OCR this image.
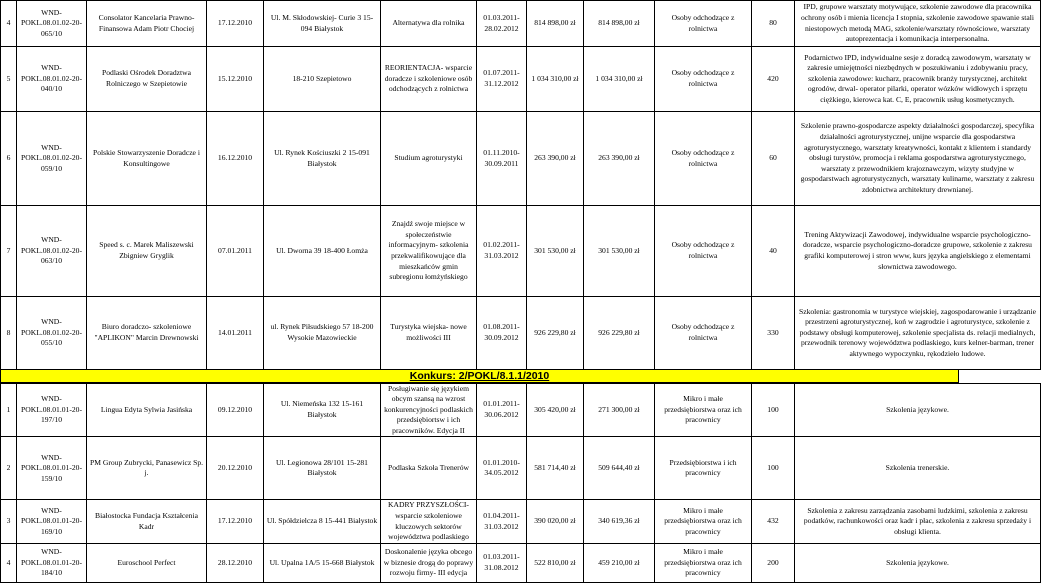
4	WND-POKL.08.01.02-20-065/10	Consolator Kancelaria Prawno-Finansowa Adam Piotr Chociej	17.12.2010	Ul. M. Skłodowskiej- Curie 3 15-094 Białystok	Alternatywa dla rolnika	01.03.2011-28.02.2012	814 898,00 zł	814 898,00 zł	Osoby odchodzące z rolnictwa	80	IPD, grupowe warsztaty motywujące, szkolenie zawodowe dla pracownika ochrony osób i mienia licencja I stopnia, szkolenie zawodowe spawanie stali niestopowych metodą MAG, szkolenie/warsztaty równościowe, warsztaty autoprezentacja i komunikacja interpersonalna.
5	WND-POKL.08.01.02-20-040/10	Podlaski Ośrodek Doradztwa Rolniczego w Szepietowie	15.12.2010	18-210 Szepietowo	REORIENTACJA- wsparcie doradcze i szkoleniowe osób odchodzących z rolnictwa	01.07.2011-31.12.2012	1 034 310,00 zł	1 034 310,00 zł	Osoby odchodzące z rolnictwa	420	Podarnictwo IPD, indywidualne sesje z doradcą zawodowym, warsztaty w zakresie umiejętności niezbędnych w poszukiwaniu i zdobywaniu pracy, szkolenia zawodowe: kucharz, pracownik branży turystycznej, architekt ogrodów, drwal- operator pilarki, operator wózków widłowych i sprzętu ciężkiego, kierowca kat. C, E, pracownik usług kosmetycznych.
6	WND-POKL.08.01.02-20-059/10	Polskie Stowarzyszenie Doradcze i Konsultingowe	16.12.2010	Ul. Rynek Kościuszki 2 15-091 Białystok	Studium agroturystyki	01.11.2010-30.09.2011	263 390,00 zł	263 390,00 zł	Osoby odchodzące z rolnictwa	60	Szkolenie prawno-gospodarcze aspekty działalności gospodarczej, specyfika działalności agroturystycznej, unijne wsparcie dla gospodarstwa agroturystycznego, warsztaty kreatywności, kontakt z klientem i standardy obsługi turystów, promocja i reklama gospodarstwa agroturystycznego, warsztaty z przewodnikiem krajoznawczym, wizyty studyjne w gospodarstwach agroturystycznych, warsztaty kulinarne, warsztaty z zakresu zdobnictwa architektury drewnianej.
7	WND-POKL.08.01.02-20-063/10	Speed s. c. Marek Maliszewski Zbigniew Gryglik	07.01.2011	Ul. Dworna 39 18-400 Łomża	Znajdź swoje miejsce w społeczeństwie informacyjnym- szkolenia przekwalifikowujące dla mieszkańców gmin subregionu łomżyńskiego	01.02.2011-31.03.2012	301 530,00 zł	301 530,00 zł	Osoby odchodzące z rolnictwa	40	Trening Aktywizacji Zawodowej, indywidualne wsparcie psychologiczno-doradcze, wsparcie psychologiczno-doradcze grupowe, szkolenie z zakresu grafiki komputerowej i stron www, kurs języka angielskiego z elementami słownictwa zawodowego.
8	WND-POKL.08.01.02-20-055/10	Biuro doradczo- szkoleniowe "APLIKON" Marcin Drewnowski	14.01.2011	ul. Rynek Piłsudskiego 57 18-200 Wysokie Mazowieckie	Turystyka wiejska- nowe możliwości III	01.08.2011-30.09.2012	926 229,80 zł	926 229,80 zł	Osoby odchodzące z rolnictwa	330	Szkolenia: gastronomia w turystyce wiejskiej, zagospodarowanie i urządzanie przestrzeni agroturystycznej, koń w zagrodzie i agroturystyce, szkolenie z podstawy obsługi komputerowej, szkolenie specjalista ds. relacji medialnych, przewodnik terenowy województwa podlaskiego, kurs kelner-barman, trener aktywnego wypoczynku, rękodzieło ludowe.
Konkurs: 2/POKL/8.1.1/2010

1	WND-POKL.08.01.01-20-197/10	Lingua Edyta Sylwia Jasińska	09.12.2010	Ul. Niemeńska 132 15-161 Białystok	Posługiwanie się językiem obcym szansą na wzrost konkurencyjności podlaskich przedsiębiortsw i ich pracowników. Edycja II	01.01.2011-30.06.2012	305 420,00 zł	271 300,00 zł	Mikro i małe przedsiębiorstwa oraz ich pracownicy	100	Szkolenia językowe.
2	WND-POKL.08.01.01-20-159/10	PM Group Zubrycki, Panasewicz Sp. j.	20.12.2010	Ul. Legionowa 28/101 15-281 Białystok	Podlaska Szkoła Trenerów	01.01.2010-34.05.2012	581 714,40 zł	509 644,40 zł	Przedsiębiorstwa i ich pracownicy	100	Szkolenia trenerskie.
3	WND-POKL.08.01.01-20-169/10	Białostocka Fundacja Kształcenia Kadr	17.12.2010	Ul. Spółdzielcza 8 15-441 Białystok	KADRY PRZYSZŁOŚCI- wsparcie szkoleniowe kluczowych sektorów województwa podlaskiego	01.04.2011-31.03.2012	390 020,00 zł	340 619,36 zł	Mikro i małe przedsiębiorstwa oraz ich pracownicy	432	Szkolenia z zakresu zarządzania zasobami ludzkimi, szkolenia z zakresu podatków, rachunkowości oraz kadr i płac, szkolenia z zakresu sprzedaży i obsługi klienta.
4	WND-POKL.08.01.01-20-184/10	Euroschool Perfect	28.12.2010	Ul. Upalna 1A/5 15-668 Białystok	Doskonalenie języka obcego w biznesie drogą do poprawy rozwoju firmy- III edycja	01.03.2011-31.08.2012	522 810,00 zł	459 210,00 zł	Mikro i małe przedsiębiorstwa oraz ich pracownicy	200	Szkolenia językowe.
